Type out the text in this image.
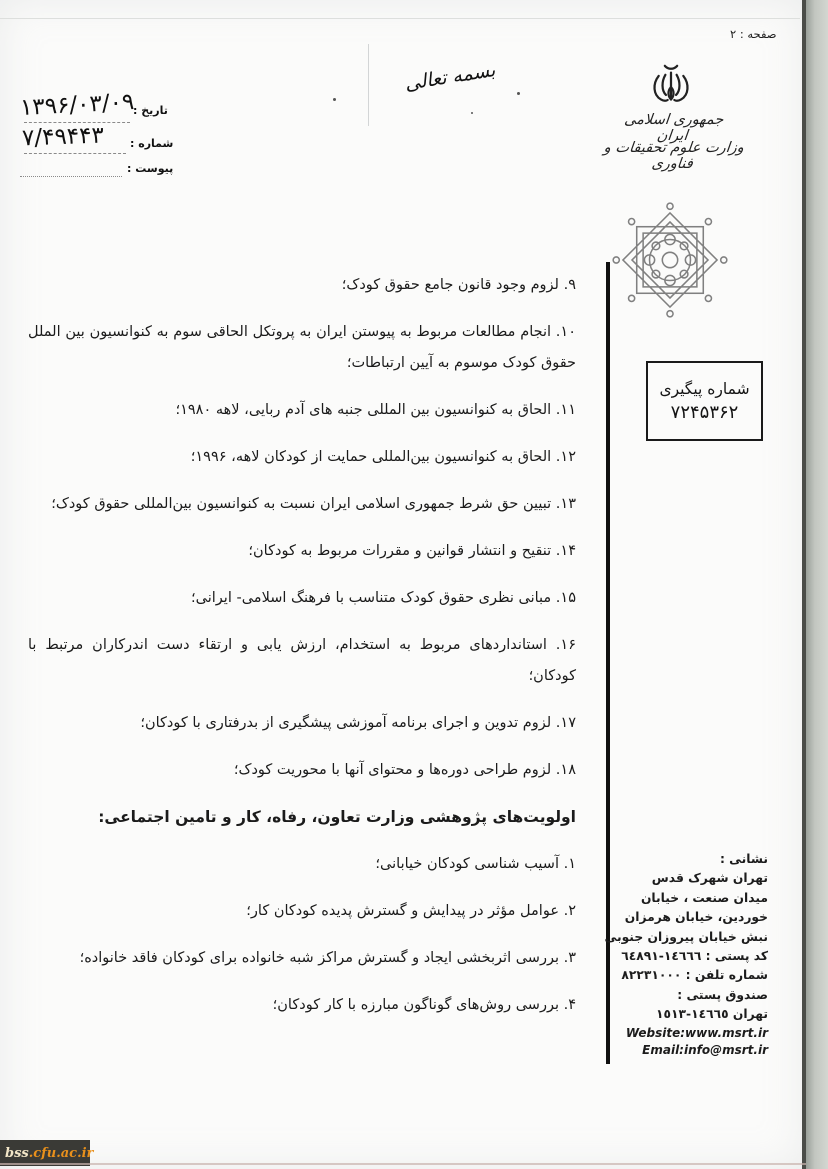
صفحه : ۲
جمهوری اسلامی ایران
وزارت علوم تحقیقات و فناوری
بسمه تعالی
تاریخ :
۱۳۹۶/۰۳/۰۹
شماره :
۷/۴۹۴۴۳
پیوست :
شماره پیگیری
۷۲۴۵۳۶۲
۹. لزوم وجود قانون جامع حقوق کودک؛
۱۰. انجام مطالعات مربوط به پیوستن ایران به پروتکل الحاقی سوم به کنوانسیون بین الملل حقوق کودک موسوم به آیین ارتباطات؛
۱۱. الحاق به کنوانسیون بین المللی جنبه های آدم ربایی، لاهه ۱۹۸۰؛
۱۲. الحاق به کنوانسیون بین‌المللی حمایت از کودکان لاهه، ۱۹۹۶؛
۱۳. تبیین حق شرط جمهوری اسلامی ایران نسبت به کنوانسیون بین‌المللی حقوق کودک؛
۱۴. تنقیح و انتشار قوانین و مقررات مربوط به کودکان؛
۱۵. مبانی نظری حقوق کودک متناسب با فرهنگ اسلامی- ایرانی؛
۱۶. استانداردهای مربوط به استخدام، ارزش یابی و ارتقاء دست اندرکاران مرتبط با کودکان؛
۱۷. لزوم تدوین و اجرای برنامه آموزشی پیشگیری از بدرفتاری با کودکان؛
۱۸. لزوم طراحی دوره‌ها و محتوای آنها با محوریت کودک؛
اولویت‌های پژوهشی وزارت تعاون، رفاه، کار و تامین اجتماعی:
۱. آسیب شناسی کودکان خیابانی؛
۲. عوامل مؤثر در پیدایش و گسترش پدیده کودکان کار؛
۳. بررسی اثربخشی ایجاد و گسترش مراکز شبه خانواده برای کودکان فاقد خانواده؛
۴. بررسی روش‌های گوناگون مبارزه با کار کودکان؛
نشانی :
تهران شهرک قدس
میدان صنعت ، خیابان
خوردین، خیابان هرمزان
نبش خیابان پیروزان جنوبی
کد پستی : ١٤٦٦٦-٦٤٨٩١
شماره تلفن : ٨٢٢٣١٠٠٠
صندوق پستی :
تهران ١٤٦٦٥-١٥١٣
Website:www.msrt.ir
Email:info@msrt.ir
bss .cfu.ac.ir
